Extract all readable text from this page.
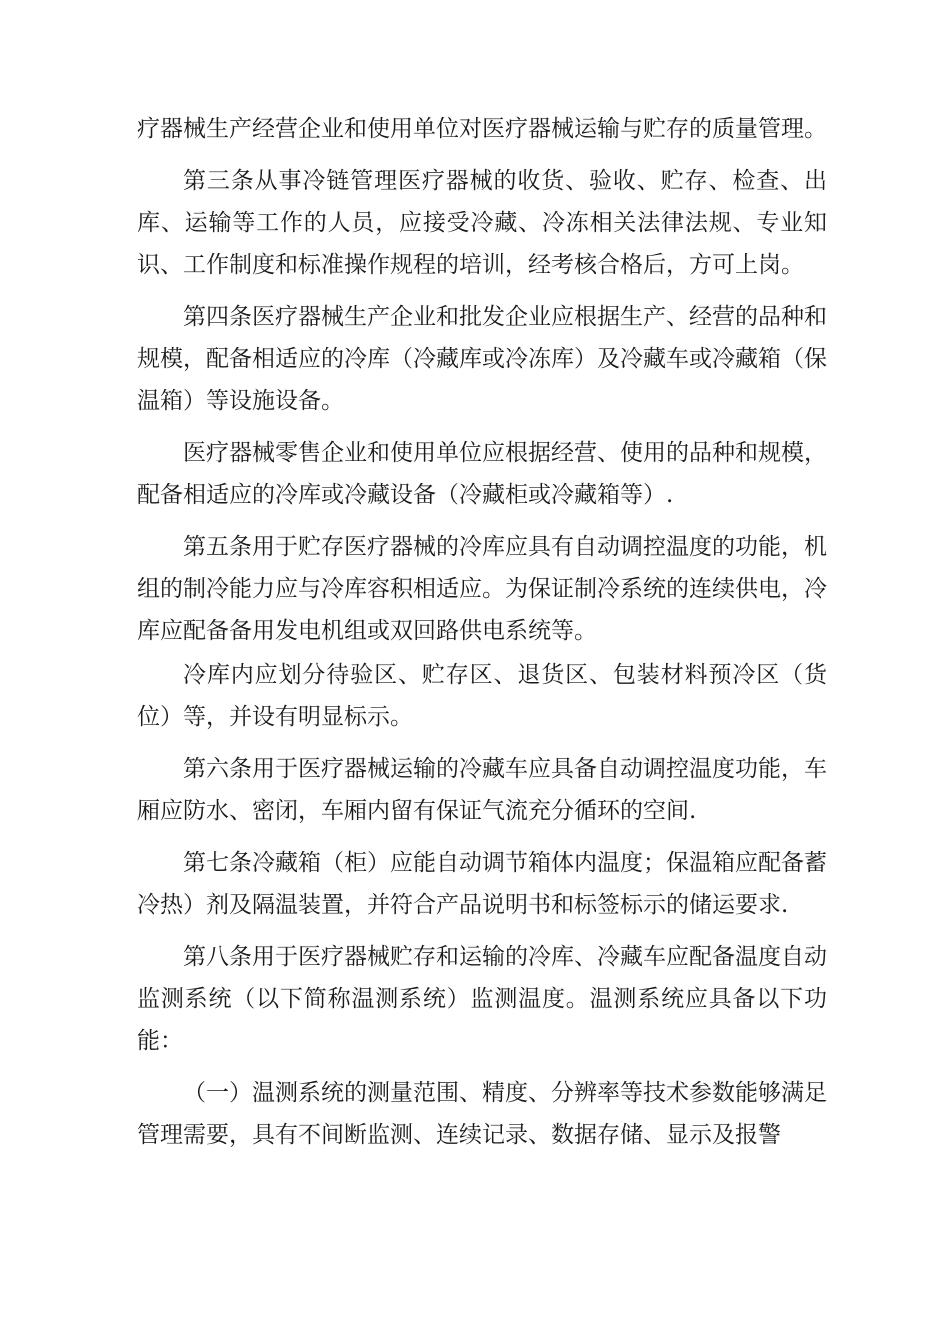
疗器械生产经营企业和使用单位对医疗器械运输与贮存的质量管理。

第三条从事冷链管理医疗器械的收货、验收、贮存、检查、出库、运输等工作的人员，应接受冷藏、冷冻相关法律法规、专业知识、工作制度和标准操作规程的培训，经考核合格后，方可上岗。

第四条医疗器械生产企业和批发企业应根据生产、经营的品种和规模，配备相适应的冷库（冷藏库或冷冻库）及冷藏车或冷藏箱（保温箱）等设施设备。

医疗器械零售企业和使用单位应根据经营、使用的品种和规模，配备相适应的冷库或冷藏设备（冷藏柜或冷藏箱等）.

第五条用于贮存医疗器械的冷库应具有自动调控温度的功能，机组的制冷能力应与冷库容积相适应。为保证制冷系统的连续供电，冷库应配备备用发电机组或双回路供电系统等。

冷库内应划分待验区、贮存区、退货区、包装材料预冷区（货位）等，并设有明显标示。

第六条用于医疗器械运输的冷藏车应具备自动调控温度功能，车厢应防水、密闭，车厢内留有保证气流充分循环的空间.

第七条冷藏箱（柜）应能自动调节箱体内温度；保温箱应配备蓄冷热）剂及隔温装置，并符合产品说明书和标签标示的储运要求.

第八条用于医疗器械贮存和运输的冷库、冷藏车应配备温度自动监测系统（以下简称温测系统）监测温度。温测系统应具备以下功能：

（一）温测系统的测量范围、精度、分辨率等技术参数能够满足管理需要，具有不间断监测、连续记录、数据存储、显示及报警
